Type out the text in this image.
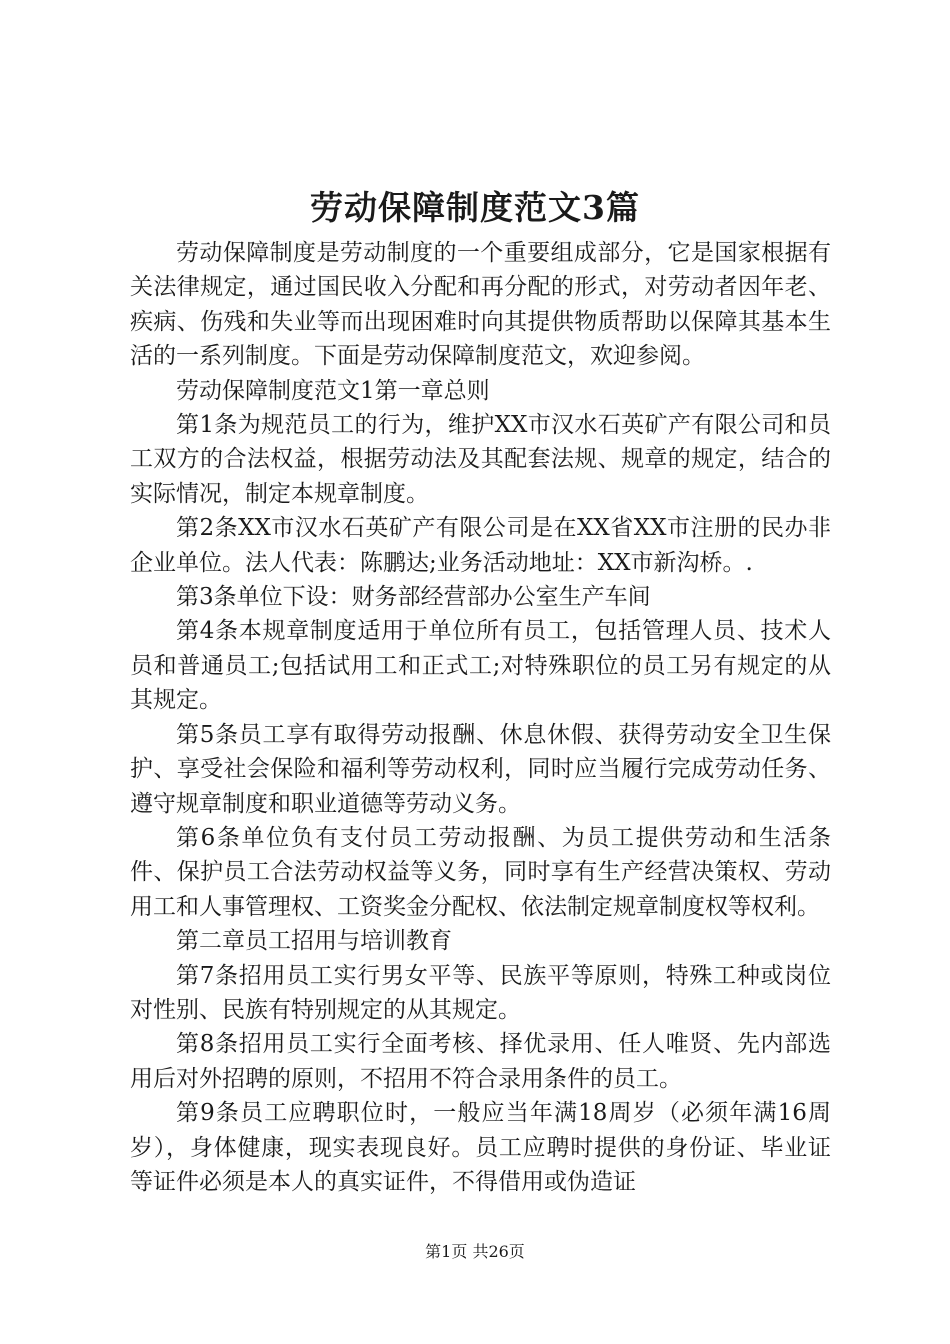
劳动保障制度范文3篇

劳动保障制度是劳动制度的一个重要组成部分，它是国家根据有关法律规定，通过国民收入分配和再分配的形式，对劳动者因年老、疾病、伤残和失业等而出现困难时向其提供物质帮助以保障其基本生活的一系列制度。下面是劳动保障制度范文，欢迎参阅。

劳动保障制度范文1第一章总则

第1条为规范员工的行为，维护XX市汉水石英矿产有限公司和员工双方的合法权益，根据劳动法及其配套法规、规章的规定，结合的实际情况，制定本规章制度。

第2条XX市汉水石英矿产有限公司是在XX省XX市注册的民办非企业单位。法人代表：陈鹏达;业务活动地址：XX市新沟桥。.

第3条单位下设：财务部经营部办公室生产车间

第4条本规章制度适用于单位所有员工，包括管理人员、技术人员和普通员工;包括试用工和正式工;对特殊职位的员工另有规定的从其规定。

第5条员工享有取得劳动报酬、休息休假、获得劳动安全卫生保护、享受社会保险和福利等劳动权利，同时应当履行完成劳动任务、遵守规章制度和职业道德等劳动义务。

第6条单位负有支付员工劳动报酬、为员工提供劳动和生活条件、保护员工合法劳动权益等义务，同时享有生产经营决策权、劳动用工和人事管理权、工资奖金分配权、依法制定规章制度权等权利。

第二章员工招用与培训教育

第7条招用员工实行男女平等、民族平等原则，特殊工种或岗位对性别、民族有特别规定的从其规定。

第8条招用员工实行全面考核、择优录用、任人唯贤、先内部选用后对外招聘的原则，不招用不符合录用条件的员工。

第9条员工应聘职位时，一般应当年满18周岁（必须年满16周岁），身体健康，现实表现良好。员工应聘时提供的身份证、毕业证等证件必须是本人的真实证件，不得借用或伪造证

第1页 共26页
